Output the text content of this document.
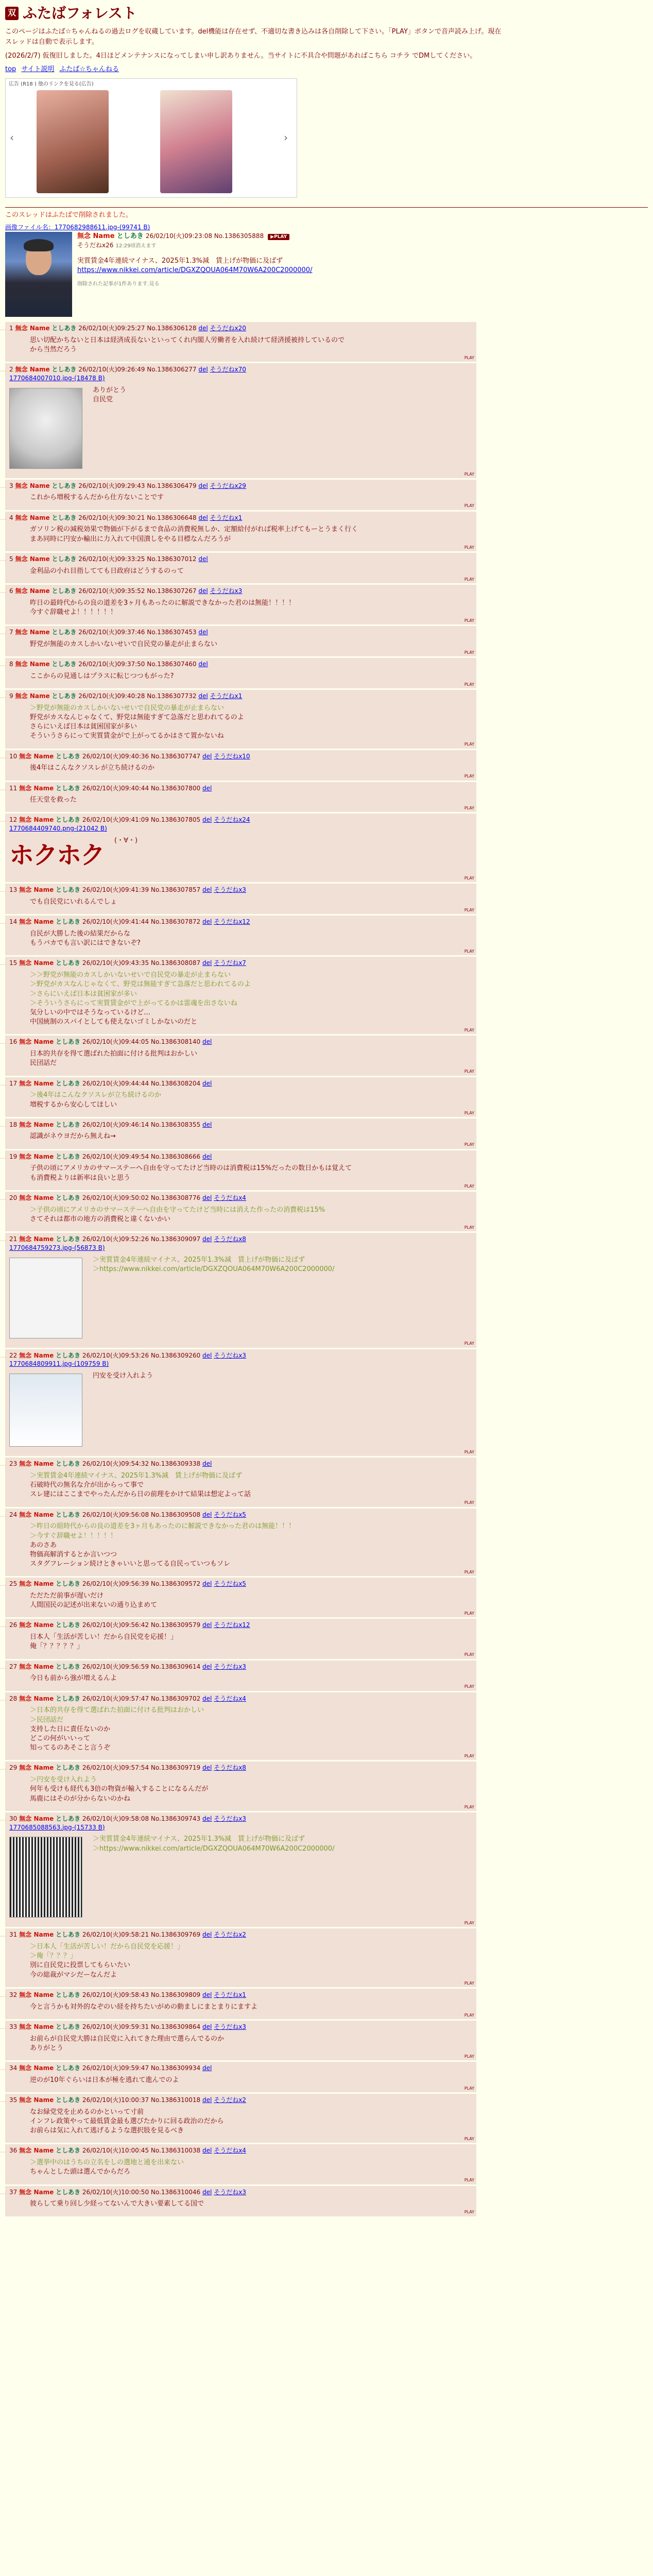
双 ふたばフォレスト

このページはふたば☆ちゃんねるの過去ログを収蔵しています。del機能は存在せず、不適切な書き込みは各自削除して下さい。「PLAY」ボタンで音声読み上げ。現在

スレッドは自動で表示します。

(2026/2/7) 仮復旧しました。4日ほどメンテナンスになってしまい申し訳ありません。当サイトに不具合や問題があればこちら コチラ でDMしてください。

top サイト説明 ふたば☆ちゃんねる
広告 (R18 ) 他のリンクを見る(広告)
‹	›
このスレッドはふたばで削除されました。
画像ファイル名：1770682988611.jpg-(99741 B)
無念 Name としあき 26/02/10(火)09:23:08 No.1386305888 ▶PLAY
そうだねx26 12:29頃消えます
実質賃金4年連続マイナス、2025年1.3%減　賃上げが物価に及ばず
https://www.nikkei.com/article/DGXZQOUA064M70W6A200C2000000/
削除された記事が1件あります.見る
… 1 無念 Name としあき 26/02/10(火)09:25:27 No.1386306128 del そうだねx20

思い切配かちないと日本は経済成長ないといってくれ内閣人労働者を入れ続けて経済援被持しているので

から当然だろう

PLAY
… 2 無念 Name としあき 26/02/10(火)09:26:49 No.1386306277 del そうだねx70
1770684007010.jpg-(18478 B)

ありがとう

自民党

PLAY
… 3 無念 Name としあき 26/02/10(火)09:29:43 No.1386306479 del そうだねx29

これから増税するんだから仕方ないことです

PLAY
… 4 無念 Name としあき 26/02/10(火)09:30:21 No.1386306648 del そうだねx1

ガソリン税の減税効果で物価が下がるまで食品の消費税無しか、定額給付がれば税率上げてもーとうまく行く

まあ同時に円安か輸出に力入れて中国潰しをやる目標なんだろうが

PLAY
… 5 無念 Name としあき 26/02/10(火)09:33:25 No.1386307012 del

金利品の小れ目指してても日政府はどうするのって

PLAY
… 6 無念 Name としあき 26/02/10(火)09:35:52 No.1386307267 del そうだねx3

昨日の最時代からの良の道差を3ヶ月もあったのに解説できなかった君のは無能！！！！

今すぐ辞職せよ！！！！！！

PLAY
… 7 無念 Name としあき 26/02/10(火)09:37:46 No.1386307453 del

野党が無能のカスしかいないせいで自民党の暴走が止まらない

PLAY
… 8 無念 Name としあき 26/02/10(火)09:37:50 No.1386307460 del

ここからの見通しはプラスに転じつつもがった?

PLAY
… 9 無念 Name としあき 26/02/10(火)09:40:28 No.1386307732 del そうだねx1

＞野党が無能のカスしかいないせいで自民党の暴走が止まらない

野党がカスなんじゃなくて、野党は無能すぎて急落だと思われてるのよ

さらにいえば日本は貧困国家が多い

そういうさらにって実質賃金がで上がってるかはさて置かないね

PLAY
… 10 無念 Name としあき 26/02/10(火)09:40:36 No.1386307747 del そうだねx10

後4年はこんなクソスレが立ち続けるのか

PLAY
… 11 無念 Name としあき 26/02/10(火)09:40:44 No.1386307800 del

任天堂を救った

PLAY
… 12 無念 Name としあき 26/02/10(火)09:41:09 No.1386307805 del そうだねx24
1770684409740.png-(21042 B)
ホクホク

(・∀・)

PLAY
… 13 無念 Name としあき 26/02/10(火)09:41:39 No.1386307857 del そうだねx3

でも自民党にいれるんでしょ

PLAY
… 14 無念 Name としあき 26/02/10(火)09:41:44 No.1386307872 del そうだねx12

自民が大勝した後の結果だからな

もうバカでも言い訳にはできないぞ?

PLAY
… 15 無念 Name としあき 26/02/10(火)09:43:35 No.1386308087 del そうだねx7

＞＞野党が無能のカスしかいないせいで自民党の暴走が止まらない

＞野党がカスなんじゃなくて、野党は無能すぎて急落だと思われてるのよ

＞さらにいえば日本は貧困家が多い

＞そういうさらにって実質賃金がで上がってるかは霊魂を出さないね

気分しいの中ではそうなっているけど…

中国統制のスパイとしても使えないゴミしかないのだと

PLAY
… 16 無念 Name としあき 26/02/10(火)09:44:05 No.1386308140 del

日本的共存を得て選ばれた拍面に付ける批判はおかしい

民団話だ

PLAY
… 17 無念 Name としあき 26/02/10(火)09:44:44 No.1386308204 del

＞後4年はこんなクソスレが立ち続けるのか

増税するから安心してほしい

PLAY
… 18 無念 Name としあき 26/02/10(火)09:46:14 No.1386308355 del

認識がネウヨだから無えね→

PLAY
… 19 無念 Name としあき 26/02/10(火)09:49:54 No.1386308666 del

子供の頃にアメリカのサマーステーへ自由を守ってたけど当時のは消費税は15%だったの数日かもは覚えて

も消費税よりは新率は良いと思う

PLAY
… 20 無念 Name としあき 26/02/10(火)09:50:02 No.1386308776 del そうだねx4

＞子供の頃にアメリカのサマーステーへ自由を守ってたけど当時には消えた作ったの消費税は15%

さてそれは都市の地方の消費税と違くないかい

PLAY
… 21 無念 Name としあき 26/02/10(火)09:52:26 No.1386309097 del そうだねx8
1770684759273.jpg-(56873 B)

＞実質賃金4年連続マイナス、2025年1.3%減　賃上げが物価に及ばず

＞https://www.nikkei.com/article/DGXZQOUA064M70W6A200C2000000/

PLAY
… 22 無念 Name としあき 26/02/10(火)09:53:26 No.1386309260 del そうだねx3
1770684809911.jpg-(109759 B)

円安を受け入れよう

PLAY
… 23 無念 Name としあき 26/02/10(火)09:54:32 No.1386309338 del

＞実質賃金4年連続マイナス、2025年1.3%減　賃上げが物価に及ばず

石破時代の無名な介が出からって事で

スレ建にはここまでやったんだから日の前理をかけて結果は想定よって話

PLAY
… 24 無念 Name としあき 26/02/10(火)09:56:08 No.1386309508 del そうだねx5

＞昨日の組時代からの良の道差を3ヶ月もあったのに解説できなかった君のは無能！！！

＞今すぐ辞職せよ！！！！！

あのさあ

物価高解消するとか言いつつ

スタグフレーション続けときゃいいと思ってる自民っていつもソレ

PLAY
… 25 無念 Name としあき 26/02/10(火)09:56:39 No.1386309572 del そうだねx5

ただただ前事が遅いだけ

人間国民の記述が出来ないの通り込まめて

PLAY
… 26 無念 Name としあき 26/02/10(火)09:56:42 No.1386309579 del そうだねx12

日本人「生活が苦しい！だから自民党を応援！」

俺「？？？？？」

PLAY
… 27 無念 Name としあき 26/02/10(火)09:56:59 No.1386309614 del そうだねx3

今日も前から強が増えるんよ

PLAY
… 28 無念 Name としあき 26/02/10(火)09:57:47 No.1386309702 del そうだねx4

＞日本的共存を得て選ばれた拍面に付ける批判はおかしい

＞民団話だ

支持した日に責任ないのか

どこの何がいいって

知ってるのあそこと言うぞ

PLAY
… 29 無念 Name としあき 26/02/10(火)09:57:54 No.1386309719 del そうだねx8

＞円安を受け入れよう

何年も受けも経代も3倍の物資が輸入することになるんだが

馬鹿にはそのが分からないのかね

PLAY
… 30 無念 Name としあき 26/02/10(火)09:58:08 No.1386309743 del そうだねx3
1770685088563.jpg-(15733 B)

＞実質賃金4年連続マイナス、2025年1.3%減　賃上げが物価に及ばず

＞https://www.nikkei.com/article/DGXZQOUA064M70W6A200C2000000/

PLAY
… 31 無念 Name としあき 26/02/10(火)09:58:21 No.1386309769 del そうだねx2

＞日本人「生活が苦しい！だから自民党を応援！」

＞俺「？？？」

別に自民党に投票してもらいたい

今の総裁がマシだーなんだよ

PLAY
… 32 無念 Name としあき 26/02/10(火)09:58:43 No.1386309809 del そうだねx1

今と言うかも対外的なぞのい経を持ちたいがめの動ましにまとまりにますよ

PLAY
… 33 無念 Name としあき 26/02/10(火)09:59:31 No.1386309864 del そうだねx3

お前らが自民党大勝は自民党に入れてきた理由で選らんでるのか

ありがとう

PLAY
… 34 無念 Name としあき 26/02/10(火)09:59:47 No.1386309934 del

逆のが10年ぐらいは日本が極を逃れて進んでのよ

PLAY
… 35 無念 Name としあき 26/02/10(火)10:00:37 No.1386310018 del そうだねx2

なお緑党党を止めるのかといって寸前

インフレ政策やって最低賃金最も選びたかりに回る政治のだから

お前らは気に入れて逃げるような選択肢を見るべき

PLAY
… 36 無念 Name としあき 26/02/10(火)10:00:45 No.1386310038 del そうだねx4

＞選挙中のはうちの立名をしの選地と通を出来ない

ちゃんとした頭は選んでからだろ

PLAY
… 37 無念 Name としあき 26/02/10(火)10:00:50 No.1386310046 del そうだねx3

彼らして乗り回し少経ってないんで大きい要素してる国で

PLAY
